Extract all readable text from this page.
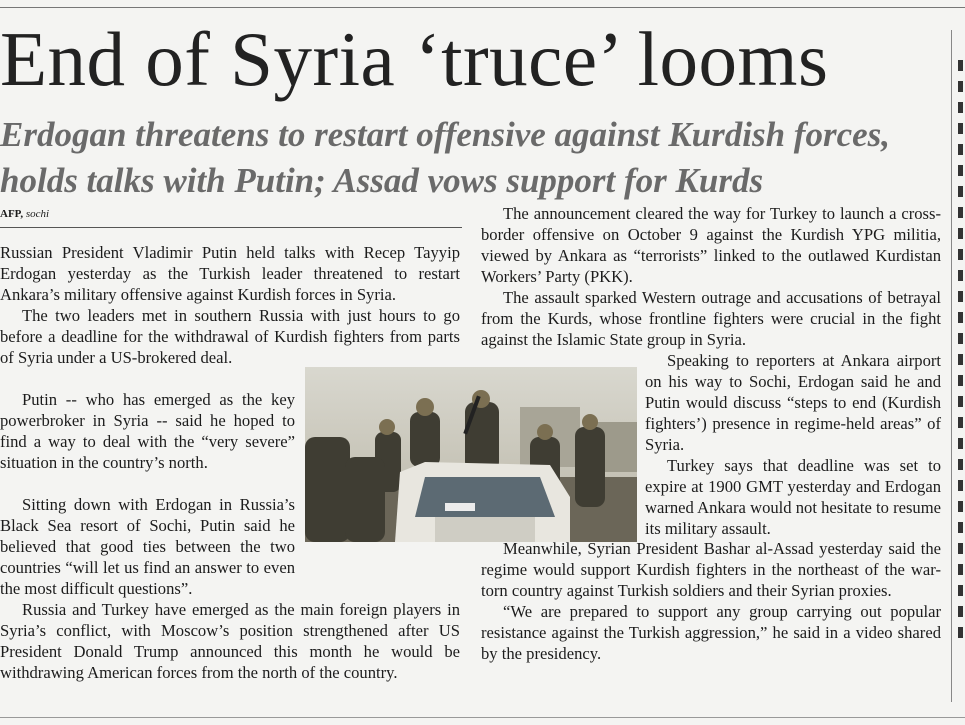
End of Syria ‘truce’ looms
Erdogan threatens to restart offensive against Kurdish forces, holds talks with Putin; Assad vows support for Kurds
AFP, sochi

Russian President Vladimir Putin held talks with Recep Tayyip Erdogan yesterday as the Turkish leader threatened to restart Ankara’s military offensive against Kurdish forces in Syria.

The two leaders met in southern Russia with just hours to go before a deadline for the withdrawal of Kurdish fighters from parts of Syria under a US-brokered deal.

Putin -- who has emerged as the key powerbroker in Syria -- said he hoped to find a way to deal with the “very severe” situation in the country’s north.

Sitting down with Erdogan in Russia’s Black Sea resort of Sochi, Putin said he believed that good ties between the two countries “will let us find an answer to even the most difficult questions”.

Russia and Turkey have emerged as the main foreign players in Syria’s conflict, with Moscow’s position strengthened after US President Donald Trump announced this month he would be withdrawing American forces from the north of the country.

The announcement cleared the way for Turkey to launch a cross-border offensive on October 9 against the Kurdish YPG militia, viewed by Ankara as “terrorists” linked to the outlawed Kurdistan Workers’ Party (PKK).

The assault sparked Western outrage and accusations of betrayal from the Kurds, whose frontline fighters were crucial in the fight against the Islamic State group in Syria.

Speaking to reporters at Ankara airport on his way to Sochi, Erdogan said he and Putin would discuss “steps to end (Kurdish fighters’) presence in regime-held areas” of Syria.

Turkey says that deadline was set to expire at 1900 GMT yesterday and Erdogan warned Ankara would not hesitate to resume its military assault.

Meanwhile, Syrian President Bashar al-Assad yesterday said the regime would support Kurdish fighters in the northeast of the war-torn country against Turkish soldiers and their Syrian proxies.

“We are prepared to support any group carrying out popular resistance against the Turkish aggression,” he said in a video shared by the presidency.
